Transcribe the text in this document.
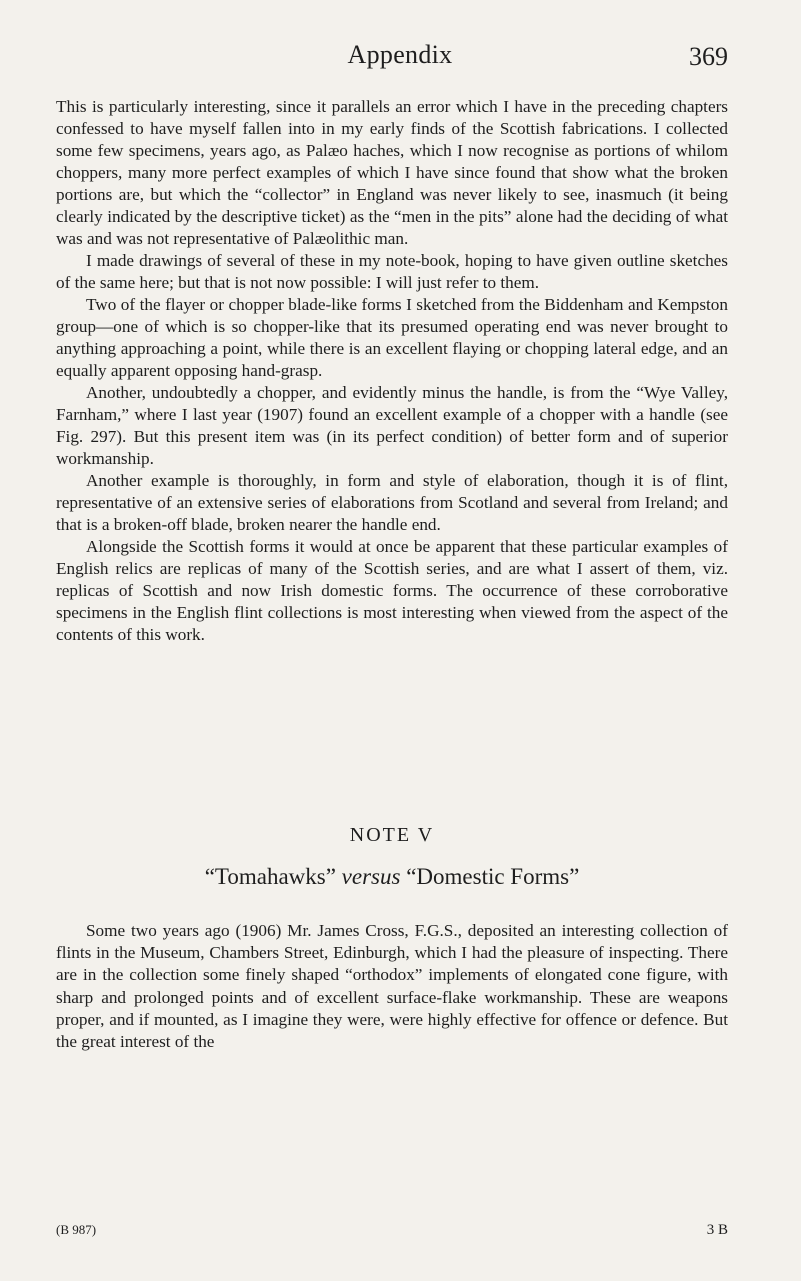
Appendix	369

This is particularly interesting, since it parallels an error which I have in the preceding chapters confessed to have myself fallen into in my early finds of the Scottish fabrications. I collected some few specimens, years ago, as Palæo haches, which I now recognise as portions of whilom choppers, many more perfect examples of which I have since found that show what the broken portions are, but which the “collector” in England was never likely to see, inasmuch (it being clearly indicated by the descriptive ticket) as the “men in the pits” alone had the deciding of what was and was not representative of Palæolithic man.

I made drawings of several of these in my note-book, hoping to have given outline sketches of the same here; but that is not now possible: I will just refer to them.

Two of the flayer or chopper blade-like forms I sketched from the Biddenham and Kempston group—one of which is so chopper-like that its presumed operating end was never brought to anything approaching a point, while there is an excellent flaying or chopping lateral edge, and an equally apparent opposing hand-grasp.

Another, undoubtedly a chopper, and evidently minus the handle, is from the “Wye Valley, Farnham,” where I last year (1907) found an excellent example of a chopper with a handle (see Fig. 297). But this present item was (in its perfect condition) of better form and of superior workmanship.

Another example is thoroughly, in form and style of elaboration, though it is of flint, representative of an extensive series of elaborations from Scotland and several from Ireland; and that is a broken-off blade, broken nearer the handle end.

Alongside the Scottish forms it would at once be apparent that these particular examples of English relics are replicas of many of the Scottish series, and are what I assert of them, viz. replicas of Scottish and now Irish domestic forms. The occurrence of these corroborative specimens in the English flint collections is most interesting when viewed from the aspect of the contents of this work.

NOTE V
“Tomahawks” versus “Domestic Forms”

Some two years ago (1906) Mr. James Cross, F.G.S., deposited an interesting collection of flints in the Museum, Chambers Street, Edinburgh, which I had the pleasure of inspecting. There are in the collection some finely shaped “orthodox” implements of elongated cone figure, with sharp and prolonged points and of excellent surface-flake workmanship. These are weapons proper, and if mounted, as I imagine they were, were highly effective for offence or defence. But the great interest of the

(B 987)	3 B
